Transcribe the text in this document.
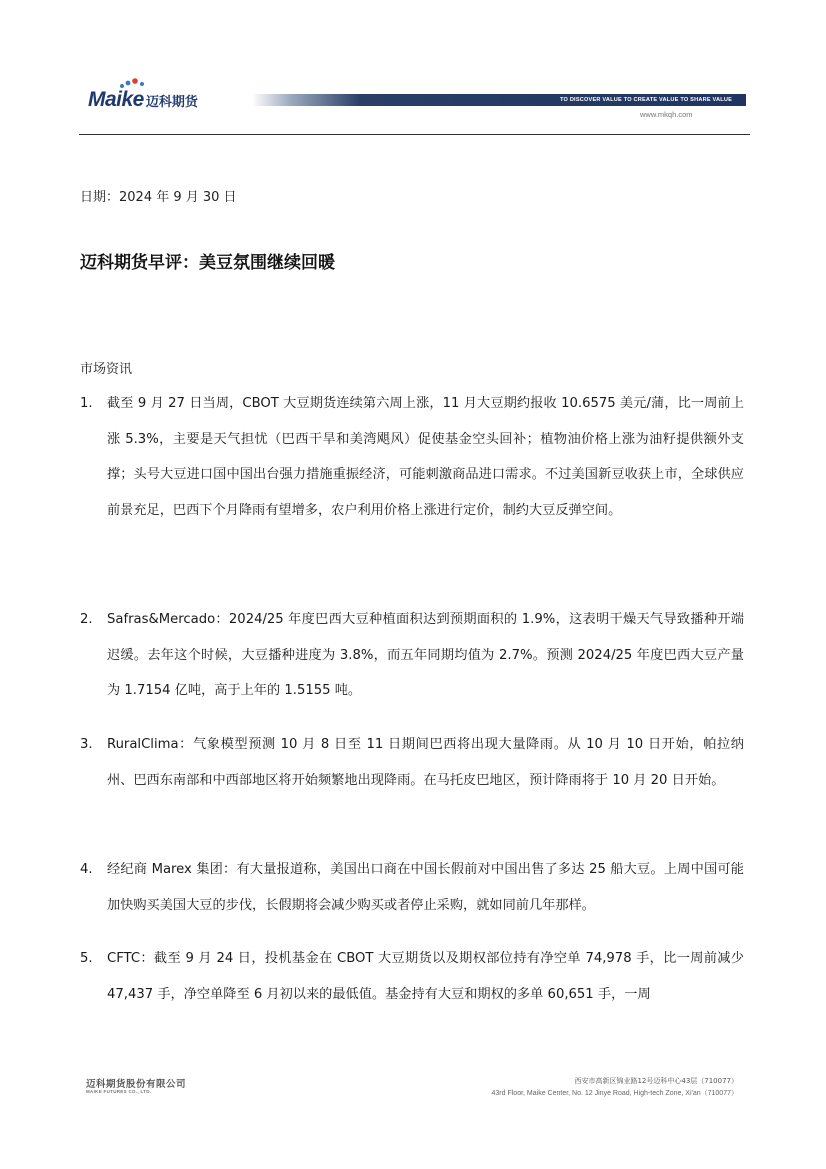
Maike 迈科期货	TO DISCOVER VALUE TO CREATE VALUE TO SHARE VALUE
www.mkqh.com
日期：2024 年 9 月 30 日
迈科期货早评：美豆氛围继续回暖
市场资讯
1.	截至 9 月 27 日当周，CBOT 大豆期货连续第六周上涨，11 月大豆期约报收 10.6575 美元/蒲，比一周前上涨 5.3%，主要是天气担忧（巴西干旱和美湾飓风）促使基金空头回补；植物油价格上涨为油籽提供额外支撑；头号大豆进口国中国出台强力措施重振经济，可能刺激商品进口需求。不过美国新豆收获上市，全球供应前景充足，巴西下个月降雨有望增多，农户利用价格上涨进行定价，制约大豆反弹空间。
2.	Safras&Mercado：2024/25 年度巴西大豆种植面积达到预期面积的 1.9%，这表明干燥天气导致播种开端迟缓。去年这个时候，大豆播种进度为 3.8%，而五年同期均值为 2.7%。预测 2024/25 年度巴西大豆产量为 1.7154 亿吨，高于上年的 1.5155 吨。
3.	RuralClima：气象模型预测 10 月 8 日至 11 日期间巴西将出现大量降雨。从 10 月 10 日开始，帕拉纳州、巴西东南部和中西部地区将开始频繁地出现降雨。在马托皮巴地区，预计降雨将于 10 月 20 日开始。
4.	经纪商 Marex 集团：有大量报道称，美国出口商在中国长假前对中国出售了多达 25 船大豆。上周中国可能加快购买美国大豆的步伐，长假期将会减少购买或者停止采购，就如同前几年那样。
5.	CFTC：截至 9 月 24 日，投机基金在 CBOT 大豆期货以及期权部位持有净空单 74,978 手，比一周前减少 47,437 手，净空单降至 6 月初以来的最低值。基金持有大豆和期权的多单 60,651 手，一周
迈科期货股份有限公司
MAIKE FUTURES CO., LTD.
西安市高新区锦业路12号迈科中心43层（710077）
43rd Floor, Maike Center, No. 12 Jinye Road, High-tech Zone, Xi'an（710077）
